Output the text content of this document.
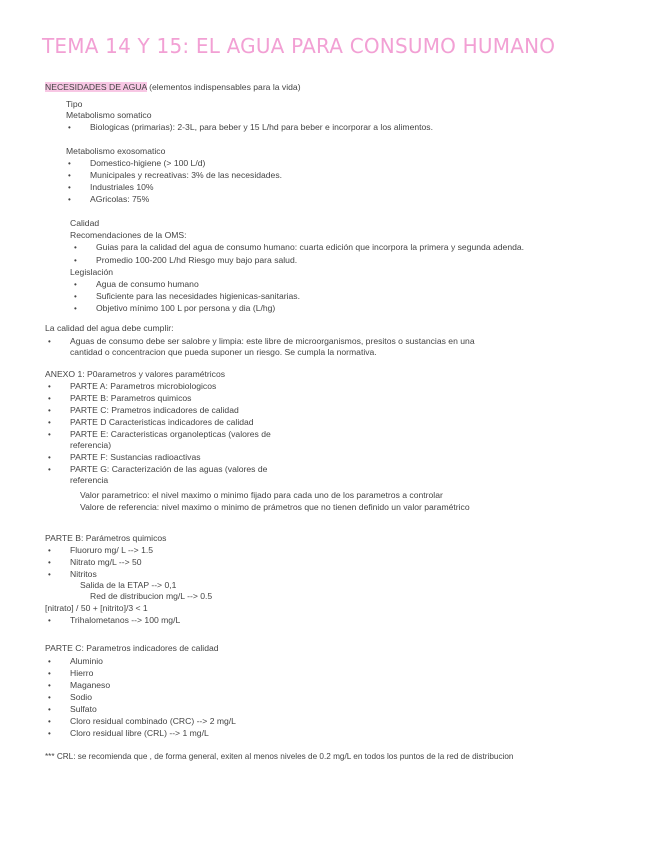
TEMA 14 Y 15: EL AGUA PARA CONSUMO HUMANO
NECESIDADES DE AGUA (elementos indispensables para la vida)
Tipo
Metabolismo somatico
• Biologicas (primarias): 2-3L, para beber y 15 L/hd para beber e incorporar a los alimentos.
Metabolismo exosomatico
• Domestico-higiene (> 100 L/d)
• Municipales y recreativas: 3% de las necesidades.
• Industriales 10%
• AGricolas: 75%
Calidad
Recomendaciones de la OMS:
• Guias para la calidad del agua de consumo humano: cuarta edición que incorpora la primera y segunda adenda.
• Promedio 100-200 L/hd Riesgo muy bajo para salud.
Legislación
• Agua de consumo humano
• Suficiente para las necesidades higienicas-sanitarias.
• Objetivo mínimo 100 L por persona y dia (L/hg)
La calidad del agua debe cumplir:
• Aguas de consumo debe ser salobre y limpia: este libre de microorganismos, presitos o sustancias en una
cantidad o concentracion que pueda suponer un riesgo. Se cumpla la normativa.
ANEXO 1: P0arametros y valores paramétricos
• PARTE A: Parametros microbiologicos
• PARTE B: Parametros quimicos
• PARTE C: Prametros indicadores de calidad
• PARTE D Caracteristicas indicadores de calidad
• PARTE E: Caracteristicas organolepticas (valores de
referencia)
• PARTE F: Sustancias radioactivas
• PARTE G: Caracterización de las aguas (valores de
referencia
Valor parametrico: el nivel maximo o minimo fijado para cada uno de los parametros a controlar
Valore de referencia: nivel maximo o minimo de prámetros que no tienen definido un valor paramétrico
PARTE B: Parámetros quimicos
• Fluoruro mg/ L --> 1.5
• Nitrato mg/L --> 50
• Nitritos
Salida de la ETAP --> 0,1
Red de distribucion mg/L --> 0.5
[nitrato] / 50 + [nitrito]/3 < 1
• Trihalometanos --> 100 mg/L
PARTE C: Parametros indicadores de calidad
• Aluminio
• Hierro
• Maganeso
• Sodio
• Sulfato
• Cloro residual combinado (CRC) --> 2 mg/L
• Cloro residual libre (CRL) --> 1 mg/L
*** CRL: se recomienda que , de forma general, exiten al menos niveles de 0.2 mg/L en todos los puntos de la red de distribucion
